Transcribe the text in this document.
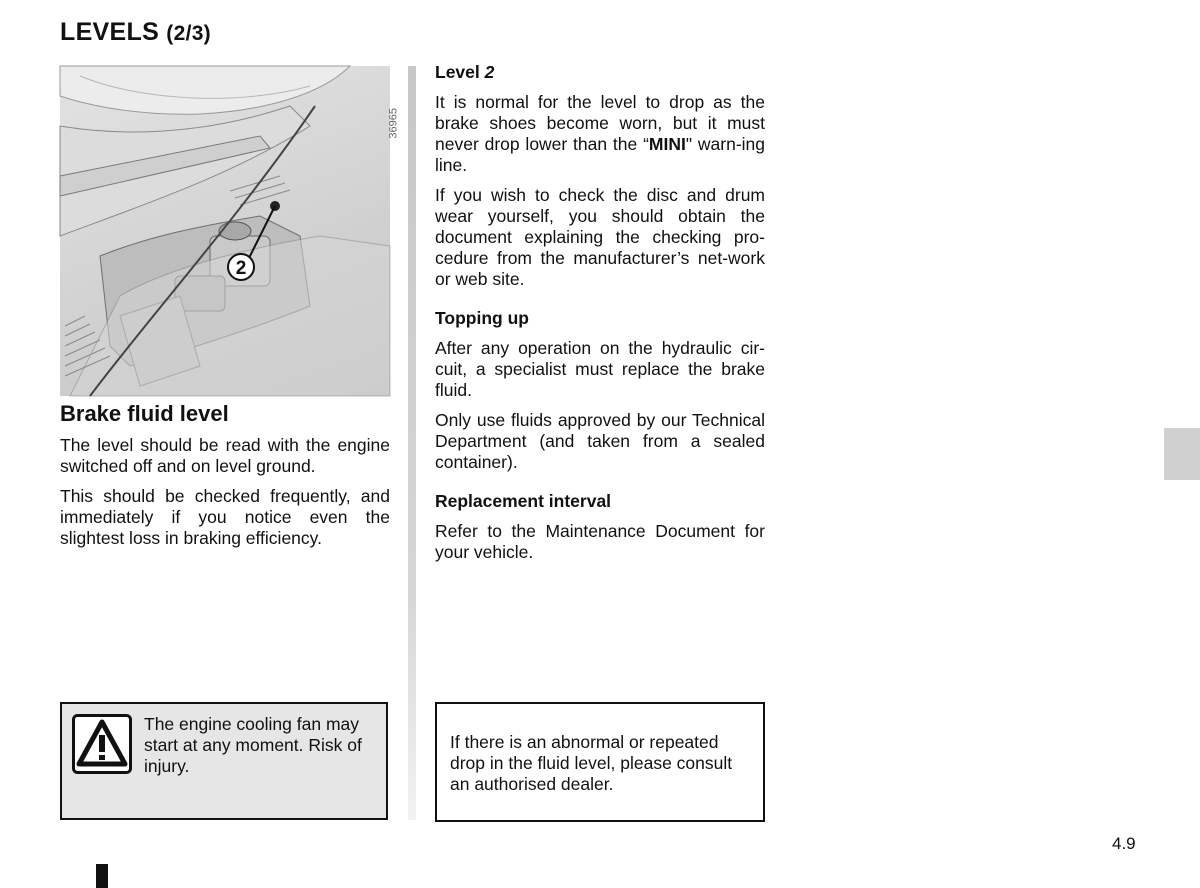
LEVELS (2/3)
2
36965
Brake fluid level

The level should be read with the engine switched off and on level ground.

This should be checked frequently, and immediately if you notice even the slightest loss in braking efficiency.

Level 2

It is normal for the level to drop as the brake shoes become worn, but it must never drop lower than the “MINI" warn-ing line.

If you wish to check the disc and drum wear yourself, you should obtain the document explaining the checking pro-cedure from the manufacturer’s net-work or web site.

Topping up

After any operation on the hydraulic cir-cuit, a specialist must replace the brake fluid.

Only use fluids approved by our Technical Department (and taken from a sealed container).

Replacement interval

Refer to the Maintenance Document for your vehicle.

The engine cooling fan may start at any moment. Risk of injury.
If there is an abnormal or repeated drop in the fluid level, please consult an authorised dealer.
4.9
